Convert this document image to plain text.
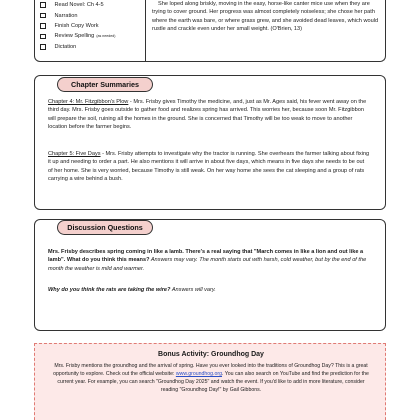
Read Novel: Ch 4-5
Narration
Finish Copy Work
Review Spelling (as needed)
Dictation

She loped along briskly, moving in the easy, horse-like canter mice use when they are trying to cover ground. Her progress was almost completely noiseless; she chose her path where the earth was bare, or where grass grew, and she avoided dead leaves, which would rustle and crackle even under her small weight. (O'Brien, 13)

Chapter Summaries

Chapter 4: Mr. Fitzgibbon's Plow - Mrs. Frisby gives Timothy the medicine, and, just as Mr. Ages said, his fever went away on the third day. Mrs. Frisby goes outside to gather food and realizes spring has arrived. This worries her, because soon Mr. Fitzgibbon will prepare the soil, ruining all the homes in the ground. She is concerned that Timothy will be too weak to move to another location before the farmer begins.

Chapter 5: Five Days - Mrs. Frisby attempts to investigate why the tractor is running. She overhears the farmer talking about fixing it up and needing to order a part. He also mentions it will arrive in about five days, which means in five days she needs to be out of her home. She is very worried, because Timothy is still weak. On her way home she sees the cat sleeping and a group of rats carrying a wire behind a bush.

Discussion Questions

Mrs. Frisby describes spring coming in like a lamb. There's a real saying that "March comes in like a lion and out like a lamb". What do you think this means? Answers may vary. The month starts out with harsh, cold weather, but by the end of the month the weather is mild and warmer.

Why do you think the rats are taking the wire? Answers will vary.

Bonus Activity: Groundhog Day

Mrs. Frisby mentions the groundhog and the arrival of spring. Have you ever looked into the traditions of Groundhog Day? This is a great opportunity to explore. Check out the official website: www.groundhog.org. You can also search on YouTube and find the prediction for the current year. For example, you can search "Groundhog Day 2025" and watch the event. If you'd like to add in more literature, consider reading "Groundhog Day!" by Gail Gibbons.
